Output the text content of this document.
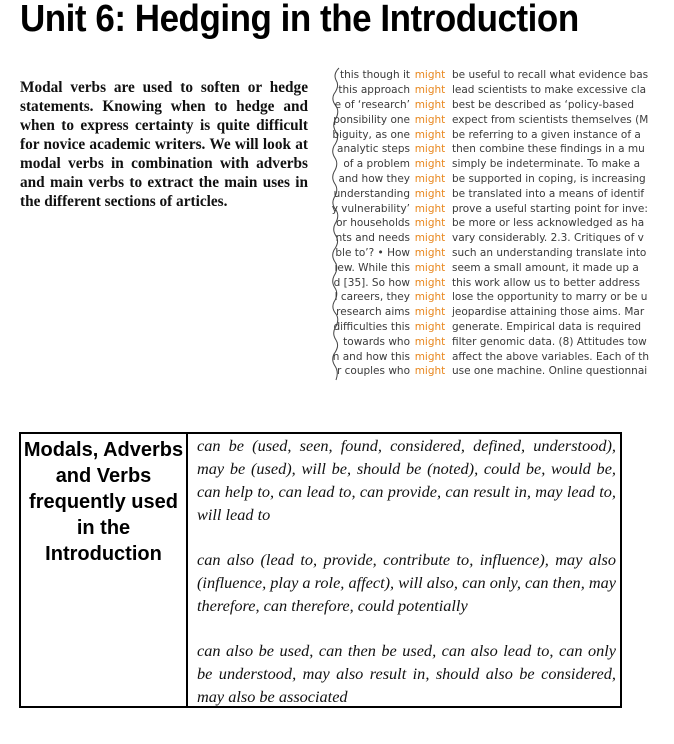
Unit 6: Hedging in the Introduction

Modal verbs are used to soften or hedge statements. Knowing when to hedge and when to express certainty is quite difficult for novice academic writers. We will look at modal verbs in combination with adverbs and main verbs to extract the main uses in the different sections of articles.

this though it might be useful to recall what evidence bas
this approach might lead scientists to make excessive cla
e of ‘research’ might best be described as ‘policy-based
ponsibility one might expect from scientists themselves (M
biguity, as one might be referring to a given instance of a
analytic steps might then combine these findings in a mu
of a problem might simply be indeterminate. To make a
and how they might be supported in coping, is increasing
understanding might be translated into a means of identif
y vulnerability’ might prove a useful starting point for inve:
or households might be more or less acknowledged as ha
nts and needs might vary considerably. 2.3. Critiques of v
ble to’? • How might such an understanding translate into
iew. While this might seem a small amount, it made up a
d [35]. So how might this work allow us to better address
l careers, they might lose the opportunity to marry or be u
research aims might jeopardise attaining those aims. Mar
difficulties this might generate. Empirical data is required
towards who might filter genomic data. (8) Attitudes tow
n and how this might affect the above variables. Each of th
r couples who might use one machine. Online questionnai
Modals, Adverbs and Verbs frequently used in the Introduction

can be (used, seen, found, considered, defined, understood), may be (used), will be, should be (noted), could be, would be, can help to, can lead to, can provide, can result in, may lead to, will lead to

can also (lead to, provide, contribute to, influence), may also (influence, play a role, affect), will also, can only, can then, may therefore, can therefore, could potentially

can also be used, can then be used, can also lead to, can only be understood, may also result in, should also be considered, may also be associated
